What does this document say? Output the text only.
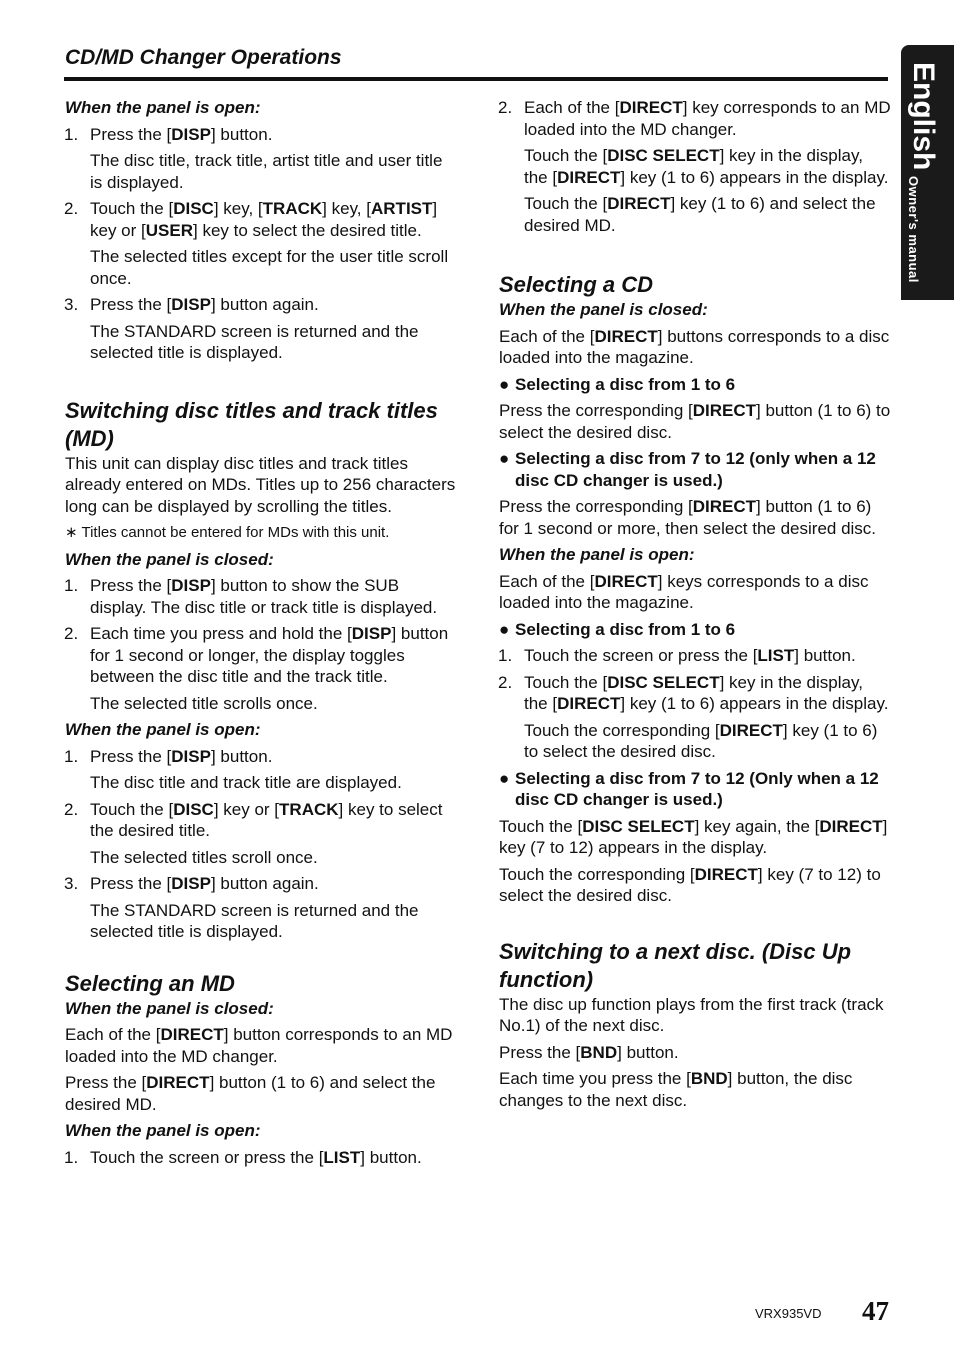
CD/MD Changer Operations
English
Owner's manual
When the panel is open:
1. Press the [DISP] button.
The disc title, track title, artist title and user title is displayed.
2. Touch the [DISC] key, [TRACK] key, [ARTIST] key or [USER] key to select the desired title.
The selected titles except for the user title scroll once.
3. Press the [DISP] button again.
The STANDARD screen is returned and the selected title is displayed.
Switching disc titles and track titles (MD)

This unit can display disc titles and track titles already entered on MDs. Titles up to 256 characters long can be displayed by scrolling the titles.

∗ Titles cannot be entered for MDs with this unit.
When the panel is closed:
1. Press the [DISP] button to show the SUB display. The disc title or track title is displayed.
2. Each time you press and hold the [DISP] button for 1 second or longer, the display toggles between the disc title and the track title.
The selected title scrolls once.
When the panel is open:
1. Press the [DISP] button.
The disc title and track title are displayed.
2. Touch the [DISC] key or [TRACK] key to select the desired title.
The selected titles scroll once.
3. Press the [DISP] button again.
The STANDARD screen is returned and the selected title is displayed.
Selecting an MD
When the panel is closed:

Each of the [DIRECT] button corresponds to an MD loaded into the MD changer.

Press the [DIRECT] button (1 to 6) and select the desired MD.

When the panel is open:
1. Touch the screen or press the [LIST] button.
2. Each of the [DIRECT] key corresponds to an MD loaded into the MD changer.
Touch the [DISC SELECT] key in the display, the [DIRECT] key (1 to 6) appears in the display.
Touch the [DIRECT] key (1 to 6) and select the desired MD.
Selecting a CD
When the panel is closed:

Each of the [DIRECT] buttons corresponds to a disc loaded into the magazine.

● Selecting a disc from 1 to 6

Press the corresponding [DIRECT] button (1 to 6) to select the desired disc.

● Selecting a disc from 7 to 12 (only when a 12 disc CD changer is used.)

Press the corresponding [DIRECT] button (1 to 6) for 1 second or more, then select the desired disc.

When the panel is open:

Each of the [DIRECT] keys corresponds to a disc loaded into the magazine.

● Selecting a disc from 1 to 6
1. Touch the screen or press the [LIST] button.
2. Touch the [DISC SELECT] key in the display, the [DIRECT] key (1 to 6) appears in the display.
Touch the corresponding [DIRECT] key (1 to 6) to select the desired disc.
● Selecting a disc from 7 to 12 (Only when a 12 disc CD changer is used.)

Touch the [DISC SELECT] key again, the [DIRECT] key (7 to 12) appears in the display.

Touch the corresponding [DIRECT] key (7 to 12) to select the desired disc.

Switching to a next disc. (Disc Up function)

The disc up function plays from the first track (track No.1) of the next disc.

Press the [BND] button.

Each time you press the [BND] button, the disc changes to the next disc.

VRX935VD 47
